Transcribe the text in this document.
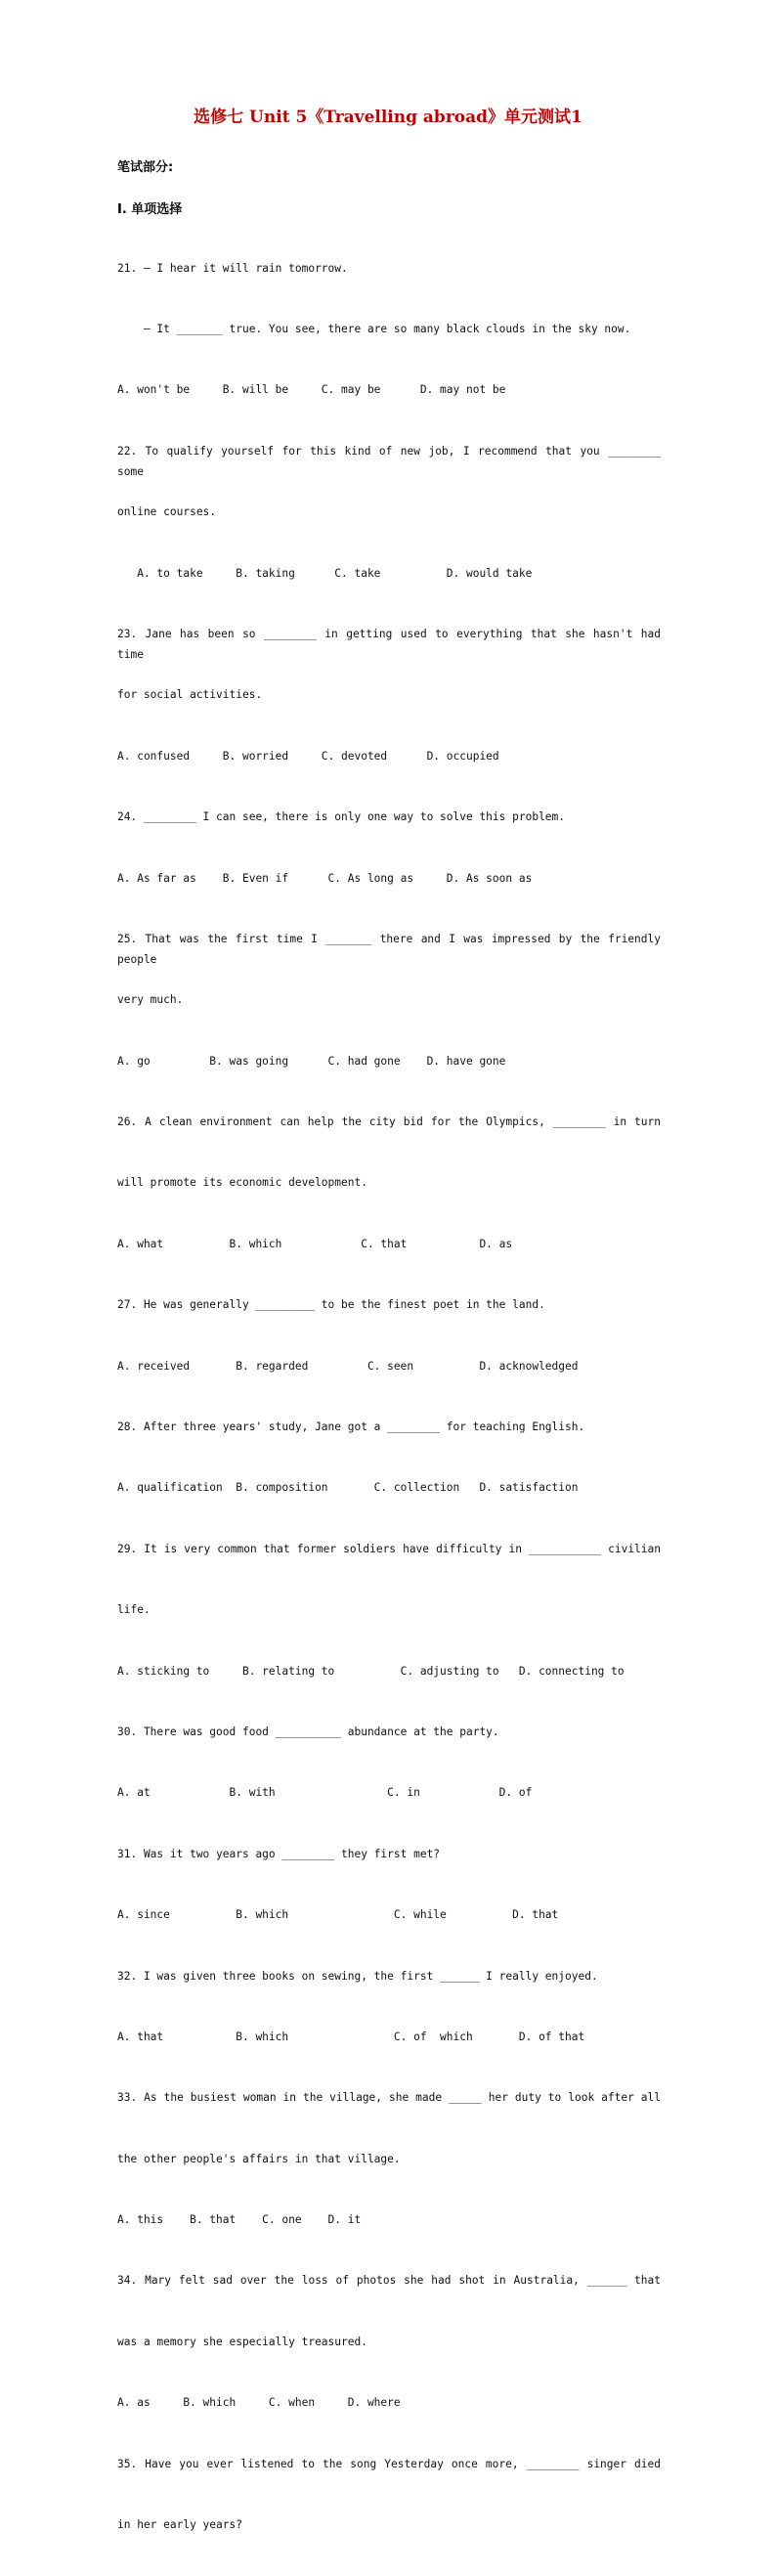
选修七 Unit 5《Travelling abroad》单元测试1
笔试部分:
I. 单项选择

21. — I hear it will rain tomorrow.

— It _______ true. You see, there are so many black clouds in the sky now.

A. won't be     B. will be     C. may be      D. may not be

22. To qualify yourself for this kind of new job, I recommend that you ________ some

online courses.

A. to take     B. taking      C. take          D. would take

23. Jane has been so ________ in getting used to everything that she hasn't had time

for social activities.

A. confused     B. worried     C. devoted      D. occupied

24. ________ I can see, there is only one way to solve this problem.

A. As far as    B. Even if      C. As long as     D. As soon as

25. That was the first time I _______ there and I was impressed by the friendly people

very much.

A. go         B. was going      C. had gone    D. have gone

26. A clean environment can help the city bid for the Olympics, ________ in turn

will promote its economic development.

A. what          B. which            C. that           D. as

27. He was generally _________ to be the finest poet in the land.

A. received       B. regarded         C. seen          D. acknowledged

28. After three years' study, Jane got a ________ for teaching English.

A. qualification  B. composition       C. collection   D. satisfaction

29. It is very common that former soldiers have difficulty in ___________ civilian

life.

A. sticking to     B. relating to          C. adjusting to   D. connecting to

30. There was good food __________ abundance at the party.

A. at            B. with                 C. in            D. of

31. Was it two years ago ________ they first met?

A. since          B. which                C. while          D. that

32. I was given three books on sewing, the first ______ I really enjoyed.

A. that           B. which                C. of  which       D. of that

33. As the busiest woman in the village, she made _____ her duty to look after all

the other people's affairs in that village.

A. this    B. that    C. one    D. it

34. Mary felt sad over the loss of photos she had shot in Australia, ______ that

was a memory she especially treasured.

A. as     B. which     C. when     D. where

35. Have you ever listened to the song Yesterday once more, ________ singer died

in her early years?
